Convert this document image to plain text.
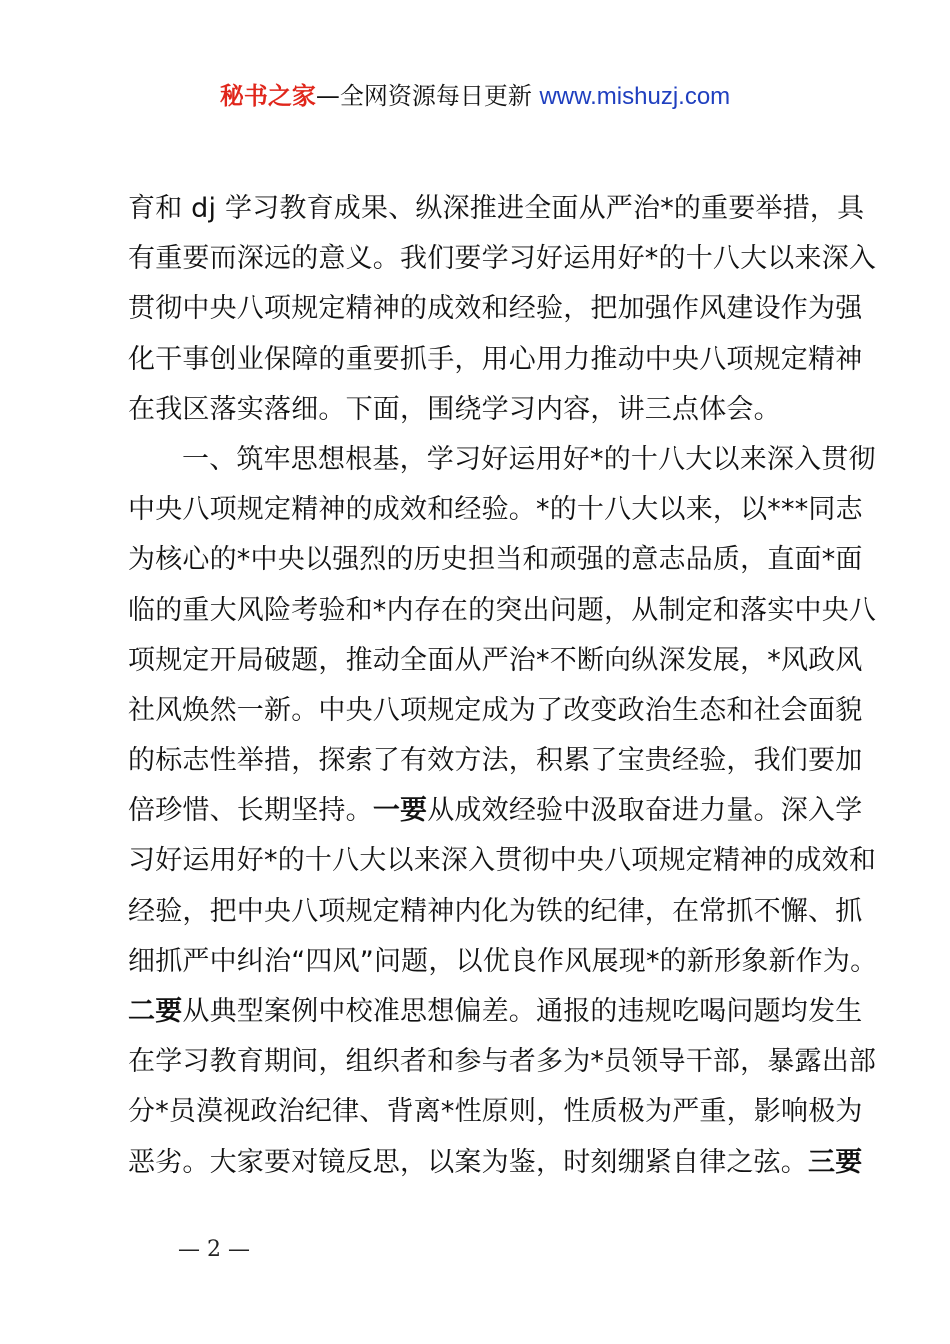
秘书之家—全网资源每日更新 www.mishuzj.com
育和 dj 学习教育成果、纵深推进全面从严治*的重要举措，具
有重要而深远的意义。我们要学习好运用好*的十八大以来深入
贯彻中央八项规定精神的成效和经验，把加强作风建设作为强
化干事创业保障的重要抓手，用心用力推动中央八项规定精神
在我区落实落细。下面，围绕学习内容，讲三点体会。
一、筑牢思想根基，学习好运用好*的十八大以来深入贯彻
中央八项规定精神的成效和经验。*的十八大以来，以***同志
为核心的*中央以强烈的历史担当和顽强的意志品质，直面*面
临的重大风险考验和*内存在的突出问题，从制定和落实中央八
项规定开局破题，推动全面从严治*不断向纵深发展，*风政风
社风焕然一新。中央八项规定成为了改变政治生态和社会面貌
的标志性举措，探索了有效方法，积累了宝贵经验，我们要加
倍珍惜、长期坚持。一要从成效经验中汲取奋进力量。深入学
习好运用好*的十八大以来深入贯彻中央八项规定精神的成效和
经验，把中央八项规定精神内化为铁的纪律，在常抓不懈、抓
细抓严中纠治“四风”问题，以优良作风展现*的新形象新作为。
二要从典型案例中校准思想偏差。通报的违规吃喝问题均发生
在学习教育期间，组织者和参与者多为*员领导干部，暴露出部
分*员漠视政治纪律、背离*性原则，性质极为严重，影响极为
恶劣。大家要对镜反思，以案为鉴，时刻绷紧自律之弦。三要
— 2 —
